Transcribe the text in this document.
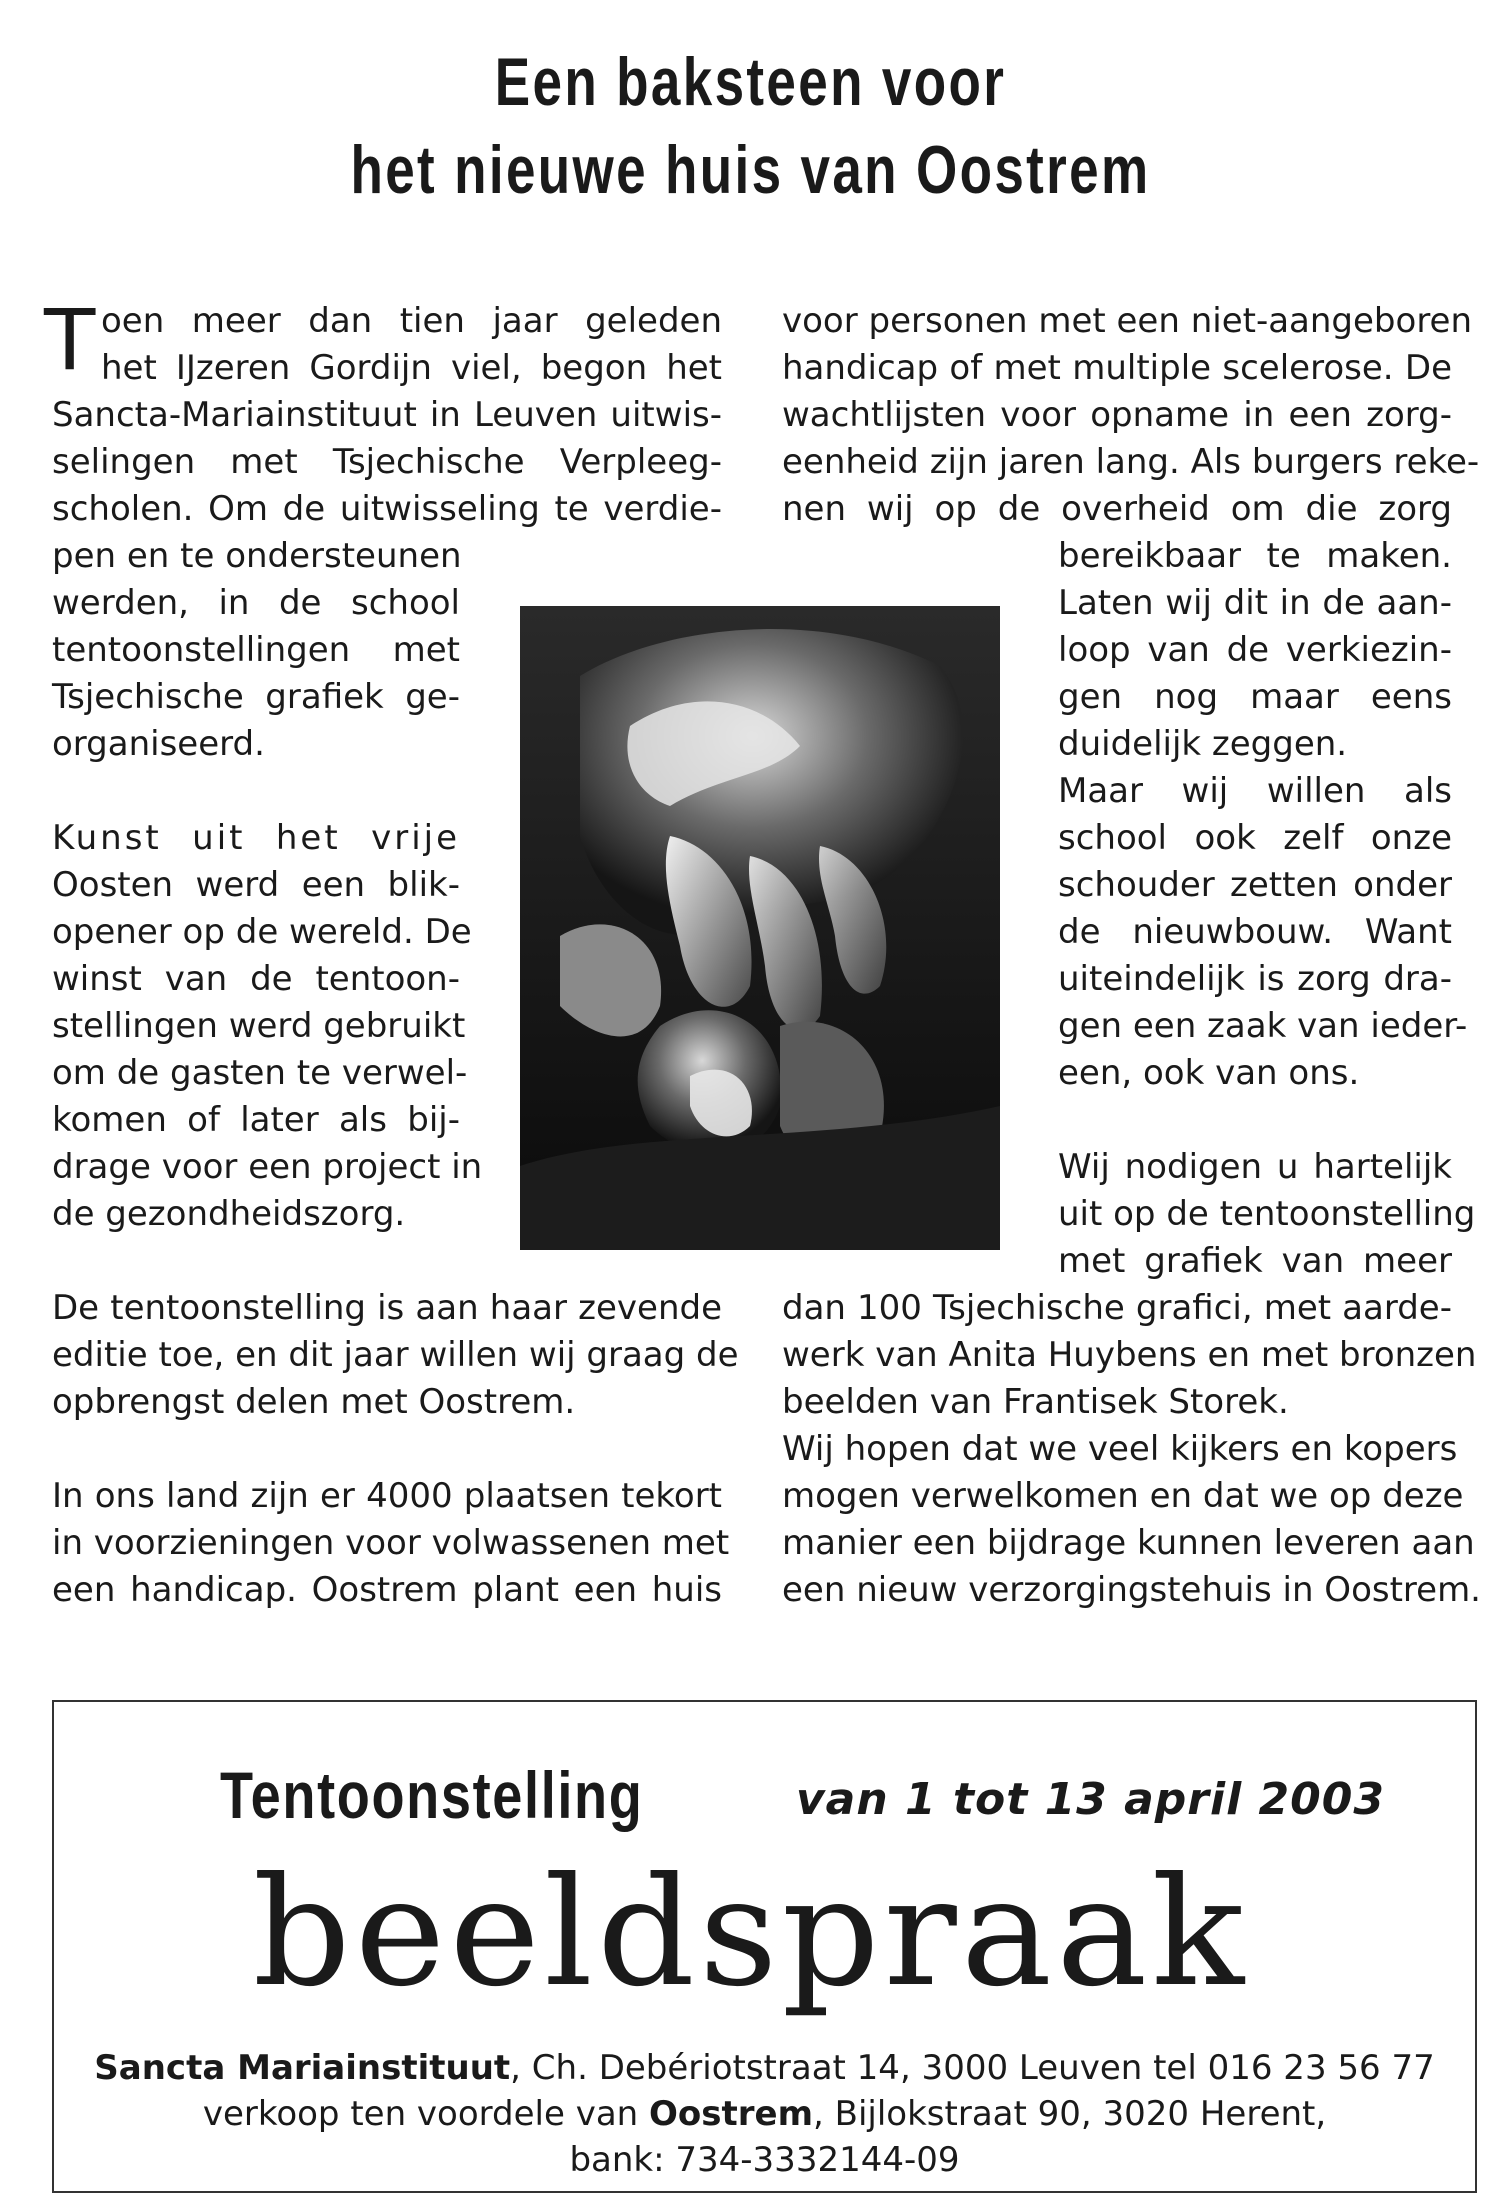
Een baksteen voor
het nieuwe huis van Oostrem
T oen meer dan tien jaar geleden
het IJzeren Gordijn viel, begon het
Sancta-Mariainstituut in Leuven uitwis-
selingen met Tsjechische Verpleeg-
scholen. Om de uitwisseling te verdie-
pen en te ondersteunen
werden, in de school
tentoonstellingen met
Tsjechische grafiek ge-
organiseerd.
Kunst uit het vrije
Oosten werd een blik-
opener op de wereld. De
winst van de tentoon-
stellingen werd gebruikt
om de gasten te verwel-
komen of later als bij-
drage voor een project in
de gezondheidszorg.
De tentoonstelling is aan haar zevende
editie toe, en dit jaar willen wij graag de
opbrengst delen met Oostrem.
In ons land zijn er 4000 plaatsen tekort
in voorzieningen voor volwassenen met
een handicap. Oostrem plant een huis
voor personen met een niet-aangeboren
handicap of met multiple scelerose. De
wachtlijsten voor opname in een zorg-
eenheid zijn jaren lang. Als burgers reke-
nen wij op de overheid om die zorg
bereikbaar te maken.
Laten wij dit in de aan-
loop van de verkiezin-
gen nog maar eens
duidelijk zeggen.
Maar wij willen als
school ook zelf onze
schouder zetten onder
de nieuwbouw. Want
uiteindelijk is zorg dra-
gen een zaak van ieder-
een, ook van ons.
Wij nodigen u hartelijk
uit op de tentoonstelling
met grafiek van meer
dan 100 Tsjechische grafici, met aarde-
werk van Anita Huybens en met bronzen
beelden van Frantisek Storek.
Wij hopen dat we veel kijkers en kopers
mogen verwelkomen en dat we op deze
manier een bijdrage kunnen leveren aan
een nieuw verzorgingstehuis in Oostrem.
Tentoonstelling	van 1 tot 13 april 2003
beeldspraak
Sancta Mariainstituut, Ch. Debériotstraat 14, 3000 Leuven tel 016 23 56 77
verkoop ten voordele van Oostrem, Bijlokstraat 90, 3020 Herent,
bank: 734-3332144-09
